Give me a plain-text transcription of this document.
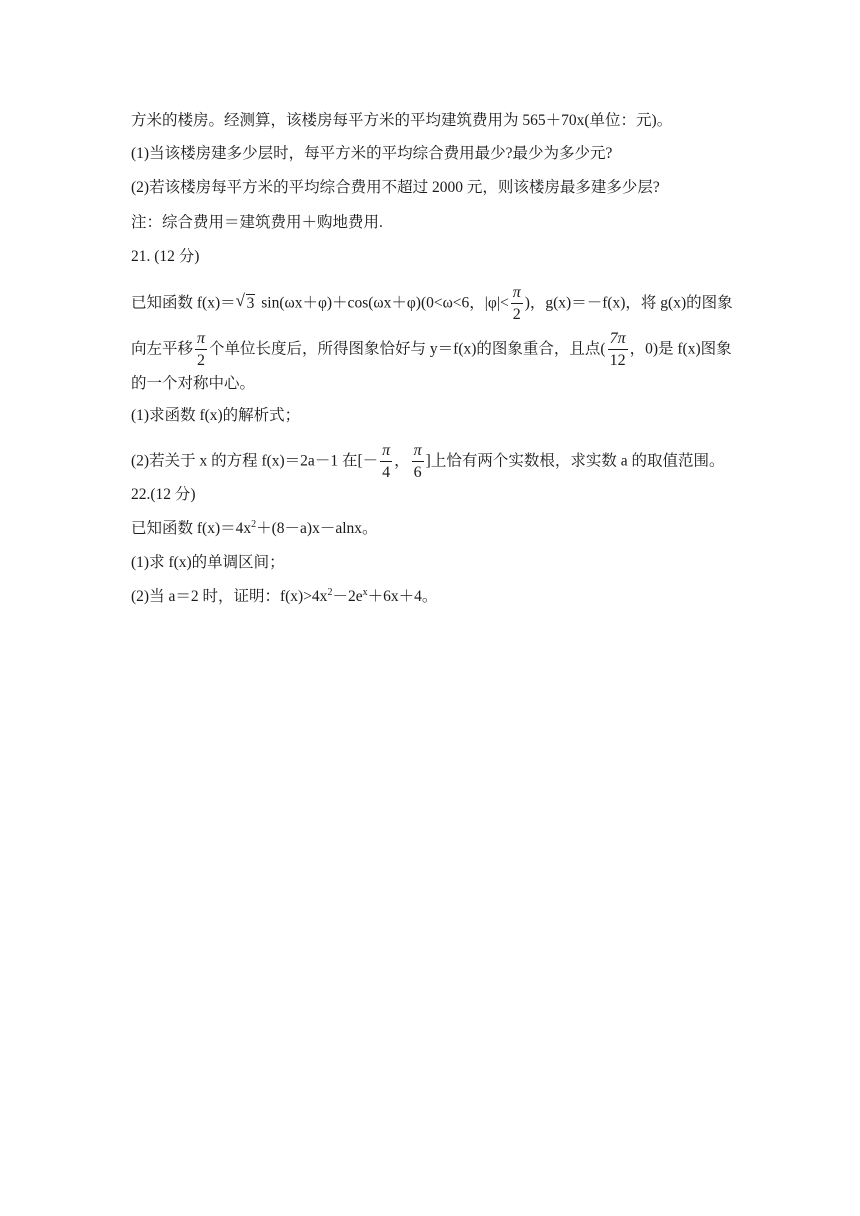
方米的楼房。经测算，该楼房每平方米的平均建筑费用为 565＋70x(单位：元)。
(1)当该楼房建多少层时，每平方米的平均综合费用最少?最少为多少元?
(2)若该楼房每平方米的平均综合费用不超过 2000 元，则该楼房最多建多少层?
注：综合费用＝建筑费用＋购地费用.
21. (12 分)
已知函数 f(x)＝ √ 3 sin(ωx＋φ)＋cos(ωx＋φ)(0<ω<6，$|\varphi|< \frac{\pi}{2}$ )，g(x)＝－f(x)，将 g(x)的图象
向左平移 $\frac{\pi}{2}$ 个单位长度后，所得图象恰好与 y＝f(x)的图象重合，且点( $\frac{7\pi}{12}$ ，0)是 f(x)图象
的一个对称中心。
(1)求函数 f(x)的解析式；
(2)若关于 x 的方程 f(x)＝2a－1 在[－ $\frac{\pi}{4}$ ， $\frac{\pi}{6}$ ]上恰有两个实数根，求实数 a 的取值范围。
22.(12 分)
已知函数 $f(x)=4x^2+(8-a)x-alnx$。
(1)求 f(x)的单调区间；
(2)当 a＝2 时，证明：$f(x)>4x^2-2e^x+6x+4$。
